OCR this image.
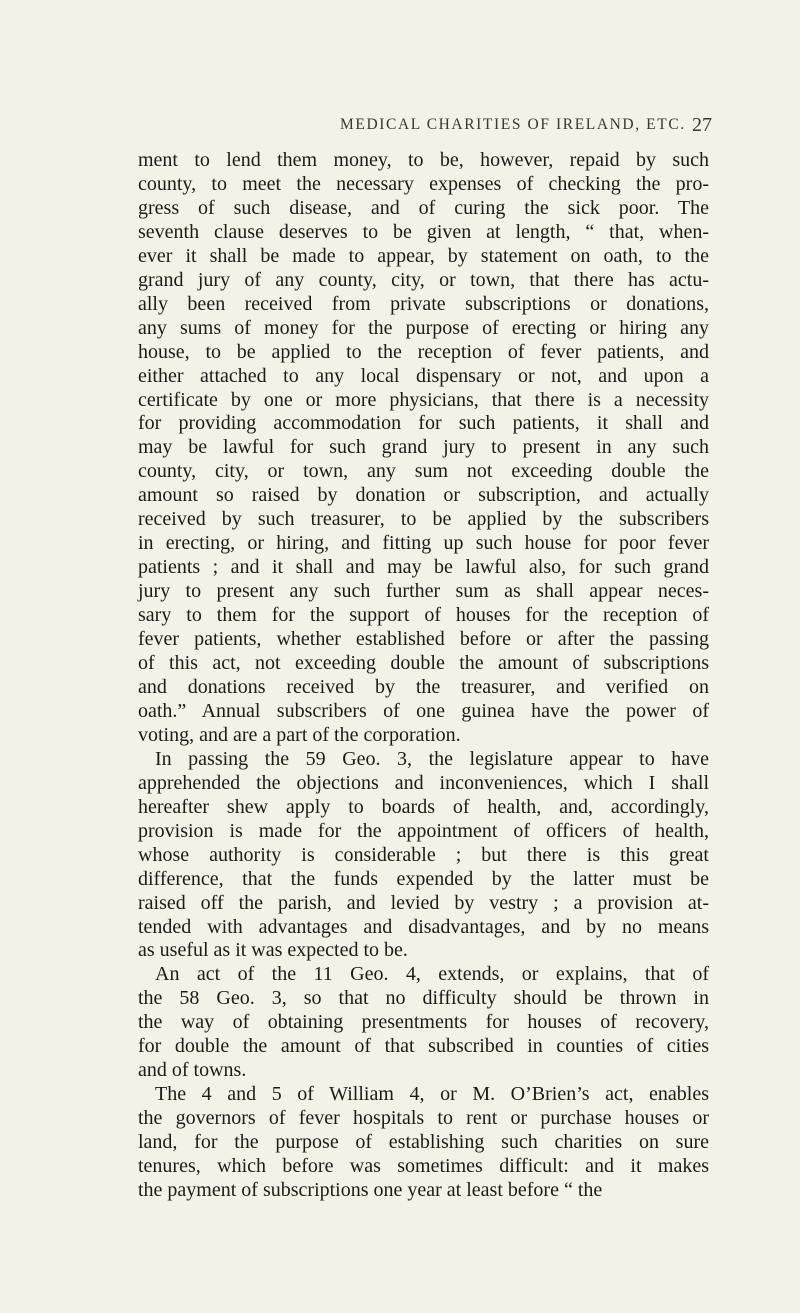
MEDICAL CHARITIES OF IRELAND, ETC. 27

ment to lend them money, to be, however, repaid by such
county, to meet the necessary expenses of checking the pro-
gress of such disease, and of curing the sick poor. The
seventh clause deserves to be given at length, “ that, when-
ever it shall be made to appear, by statement on oath, to the
grand jury of any county, city, or town, that there has actu-
ally been received from private subscriptions or donations,
any sums of money for the purpose of erecting or hiring any
house, to be applied to the reception of fever patients, and
either attached to any local dispensary or not, and upon a
certificate by one or more physicians, that there is a necessity
for providing accommodation for such patients, it shall and
may be lawful for such grand jury to present in any such
county, city, or town, any sum not exceeding double the
amount so raised by donation or subscription, and actually
received by such treasurer, to be applied by the subscribers
in erecting, or hiring, and fitting up such house for poor fever
patients ; and it shall and may be lawful also, for such grand
jury to present any such further sum as shall appear neces-
sary to them for the support of houses for the reception of
fever patients, whether established before or after the passing
of this act, not exceeding double the amount of subscriptions
and donations received by the treasurer, and verified on
oath.” Annual subscribers of one guinea have the power of
voting, and are a part of the corporation.

In passing the 59 Geo. 3, the legislature appear to have
apprehended the objections and inconveniences, which I shall
hereafter shew apply to boards of health, and, accordingly,
provision is made for the appointment of officers of health,
whose authority is considerable ; but there is this great
difference, that the funds expended by the latter must be
raised off the parish, and levied by vestry ; a provision at-
tended with advantages and disadvantages, and by no means
as useful as it was expected to be.

An act of the 11 Geo. 4, extends, or explains, that of
the 58 Geo. 3, so that no difficulty should be thrown in
the way of obtaining presentments for houses of recovery,
for double the amount of that subscribed in counties of cities
and of towns.

The 4 and 5 of William 4, or M. O’Brien’s act, enables
the governors of fever hospitals to rent or purchase houses or
land, for the purpose of establishing such charities on sure
tenures, which before was sometimes difficult: and it makes
the payment of subscriptions one year at least before “ the
